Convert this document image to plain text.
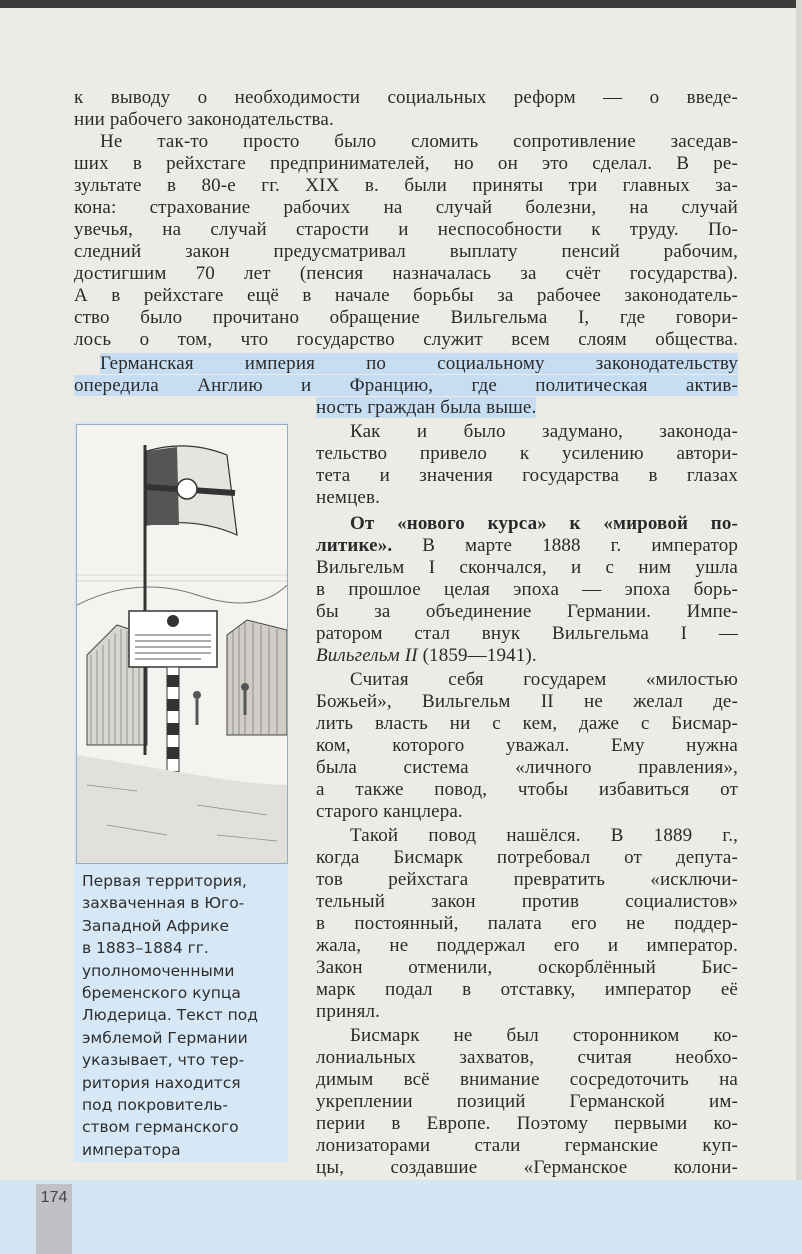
174
к выводу о необходимости социальных реформ — о введе-
нии рабочего законодательства.
Не так-то просто было сломить сопротивление заседав-
ших в рейхстаге предпринимателей, но он это сделал. В ре-
зультате в 80-е гг. XIX в. были приняты три главных за-
кона: страхование рабочих на случай болезни, на случай
увечья, на случай старости и неспособности к труду. По-
следний закон предусматривал выплату пенсий рабочим,
достигшим 70 лет (пенсия назначалась за счёт государства).
А в рейхстаге ещё в начале борьбы за рабочее законодатель-
ство было прочитано обращение Вильгельма I, где говори-
лось о том, что государство служит всем слоям общества.
Германская империя по социальному законодательству
опередила Англию и Францию, где политическая актив-
Первая территория,
захваченная в Юго-
Западной Африке
в 1883–1884 гг.
уполномоченными
бременского купца
Людерица. Текст под
эмблемой Германии
указывает, что тер-
ритория находится
под покровитель-
ством германского
императора
ность граждан была выше.
Как и было задумано, законода-
тельство привело к усилению автори-
тета и значения государства в глазах
немцев.
От «нового курса» к «мировой по-
литике». В марте 1888 г. император
Вильгельм I скончался, и с ним ушла
в прошлое целая эпоха — эпоха борь-
бы за объединение Германии. Импе-
ратором стал внук Вильгельма I —
Вильгельм II (1859—1941).
Считая себя государем «милостью
Божьей», Вильгельм II не желал де-
лить власть ни с кем, даже с Бисмар-
ком, которого уважал. Ему нужна
была система «личного правления»,
а также повод, чтобы избавиться от
старого канцлера.
Такой повод нашёлся. В 1889 г.,
когда Бисмарк потребовал от депута-
тов рейхстага превратить «исключи-
тельный закон против социалистов»
в постоянный, палата его не поддер-
жала, не поддержал его и император.
Закон отменили, оскорблённый Бис-
марк подал в отставку, император её
принял.
Бисмарк не был сторонником ко-
лониальных захватов, считая необхо-
димым всё внимание сосредоточить на
укреплении позиций Германской им-
перии в Европе. Поэтому первыми ко-
лонизаторами стали германские куп-
цы, создавшие «Германское колони-
